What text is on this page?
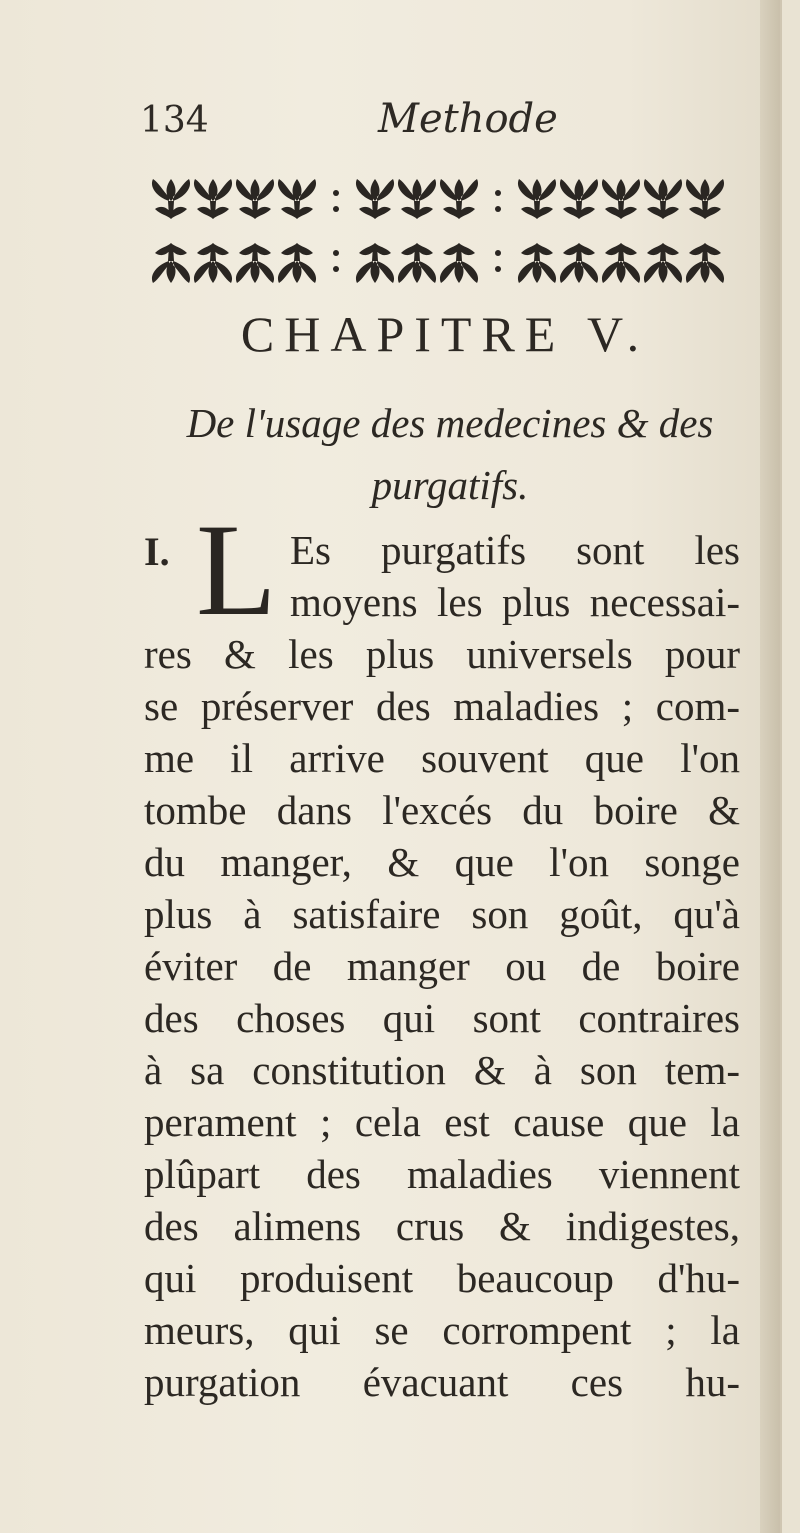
134	Methode
CHAPITRE V.
De l'usage des medecines & des
purgatifs.
I. L Es purgatifs sont les
moyens les plus necessai-
res & les plus universels pour
se préserver des maladies ; com-
me il arrive souvent que l'on
tombe dans l'excés du boire &
du manger, & que l'on songe
plus à satisfaire son goût, qu'à
éviter de manger ou de boire
des choses qui sont contraires
à sa constitution & à son tem-
perament ; cela est cause que la
plûpart des maladies viennent
des alimens crus & indigestes,
qui produisent beaucoup d'hu-
meurs, qui se corrompent ; la
purgation évacuant ces hu-
